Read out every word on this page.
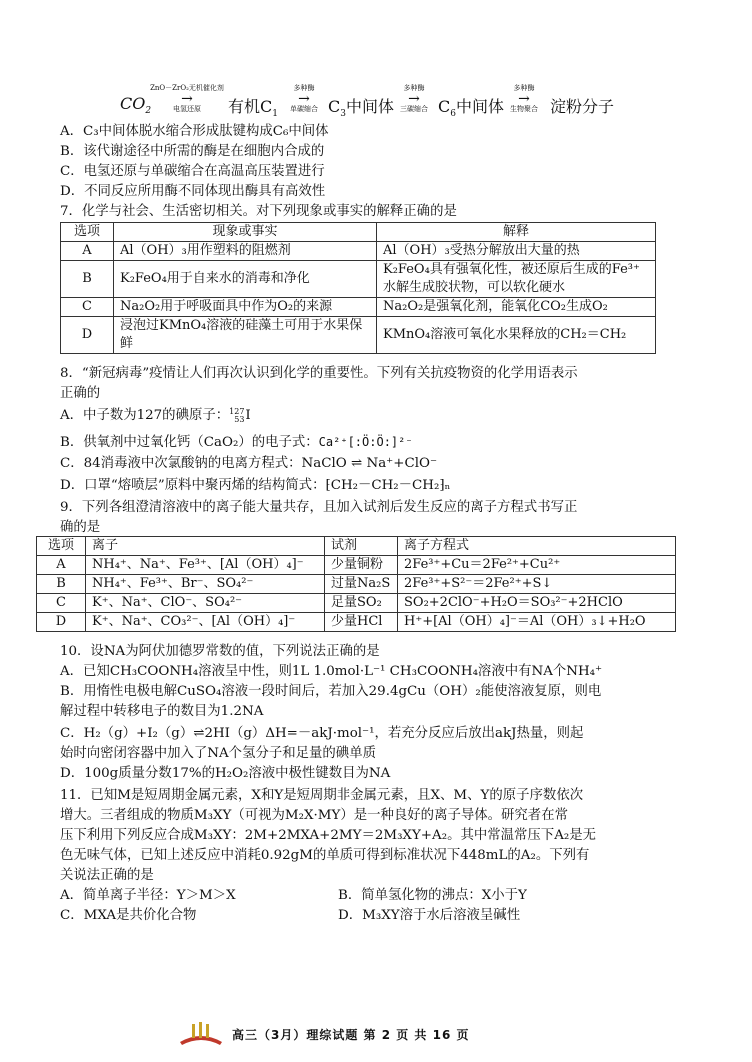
$CO_2$
ZnO－ZrO₂无机催化剂
→
电氢还原	有机$C_1$
多种酶
→
单碳缩合 $C_3$中间体
多种酶
→
三碳缩合 $C_6$中间体
多种酶
→
生物聚合 淀粉分子
A．C₃中间体脱水缩合形成肽键构成C₆中间体
B．该代谢途径中所需的酶是在细胞内合成的
C．电氢还原与单碳缩合在高温高压装置进行
D．不同反应所用酶不同体现出酶具有高效性
7．化学与社会、生活密切相关。对下列现象或事实的解释正确的是
选项	现象或事实	解释
A	Al（OH）₃用作塑料的阻燃剂	Al（OH）₃受热分解放出大量的热
B	K₂FeO₄用于自来水的消毒和净化	K₂FeO₄具有强氧化性，被还原后生成的Fe³⁺水解生成胶状物，可以软化硬水
C	Na₂O₂用于呼吸面具中作为O₂的来源	Na₂O₂是强氧化剂，能氧化CO₂生成O₂
D	浸泡过KMnO₄溶液的硅藻土可用于水果保鲜	KMnO₄溶液可氧化水果释放的CH₂＝CH₂
8．“新冠病毒”疫情让人们再次认识到化学的重要性。下列有关抗疫物资的化学用语表示
正确的
A．中子数为127的碘原子：127
53I
B．供氧剂中过氧化钙（CaO₂）的电子式：Ca²⁺[:Ö:Ö:]²⁻
C．84消毒液中次氯酸钠的电离方程式：NaClO ⇌ Na⁺+ClO⁻
D．口罩“熔喷层”原料中聚丙烯的结构简式：⁅CH₂－CH₂－CH₂⁆ₙ
9．下列各组澄清溶液中的离子能大量共存，且加入试剂后发生反应的离子方程式书写正
确的是
选项	离子	试剂	离子方程式
A	NH₄⁺、Na⁺、Fe³⁺、[Al（OH）₄]⁻	少量铜粉	2Fe³⁺+Cu＝2Fe²⁺+Cu²⁺
B	NH₄⁺、Fe³⁺、Br⁻、SO₄²⁻	过量Na₂S	2Fe³⁺+S²⁻＝2Fe²⁺+S↓
C	K⁺、Na⁺、ClO⁻、SO₄²⁻	足量SO₂	SO₂+2ClO⁻+H₂O＝SO₃²⁻+2HClO
D	K⁺、Na⁺、CO₃²⁻、[Al（OH）₄]⁻	少量HCl	H⁺+[Al（OH）₄]⁻＝Al（OH）₃↓+H₂O
10．设NA为阿伏加德罗常数的值，下列说法正确的是
A．已知CH₃COONH₄溶液呈中性，则1L 1.0mol·L⁻¹ CH₃COONH₄溶液中有NA个NH₄⁺
B．用惰性电极电解CuSO₄溶液一段时间后，若加入29.4gCu（OH）₂能使溶液复原，则电
解过程中转移电子的数目为1.2NA
C．H₂（g）+I₂（g）⇌2HI（g）ΔH=－akJ·mol⁻¹，若充分反应后放出akJ热量，则起
始时向密闭容器中加入了NA个氢分子和足量的碘单质
D．100g质量分数17%的H₂O₂溶液中极性键数目为NA
11．已知M是短周期金属元素，X和Y是短周期非金属元素，且X、M、Y的原子序数依次
增大。三者组成的物质M₃XY（可视为M₂X·MY）是一种良好的离子导体。研究者在常
压下利用下列反应合成M₃XY：2M+2MXA+2MY＝2M₃XY+A₂。其中常温常压下A₂是无
色无味气体，已知上述反应中消耗0.92gM的单质可得到标准状况下448mL的A₂。下列有
关说法正确的是
A．简单离子半径：Y＞M＞X	B．简单氢化物的沸点：X小于Y
C．MXA是共价化合物	D．M₃XY溶于水后溶液呈碱性
高三（3月）理综试题 第 2 页 共 16 页
